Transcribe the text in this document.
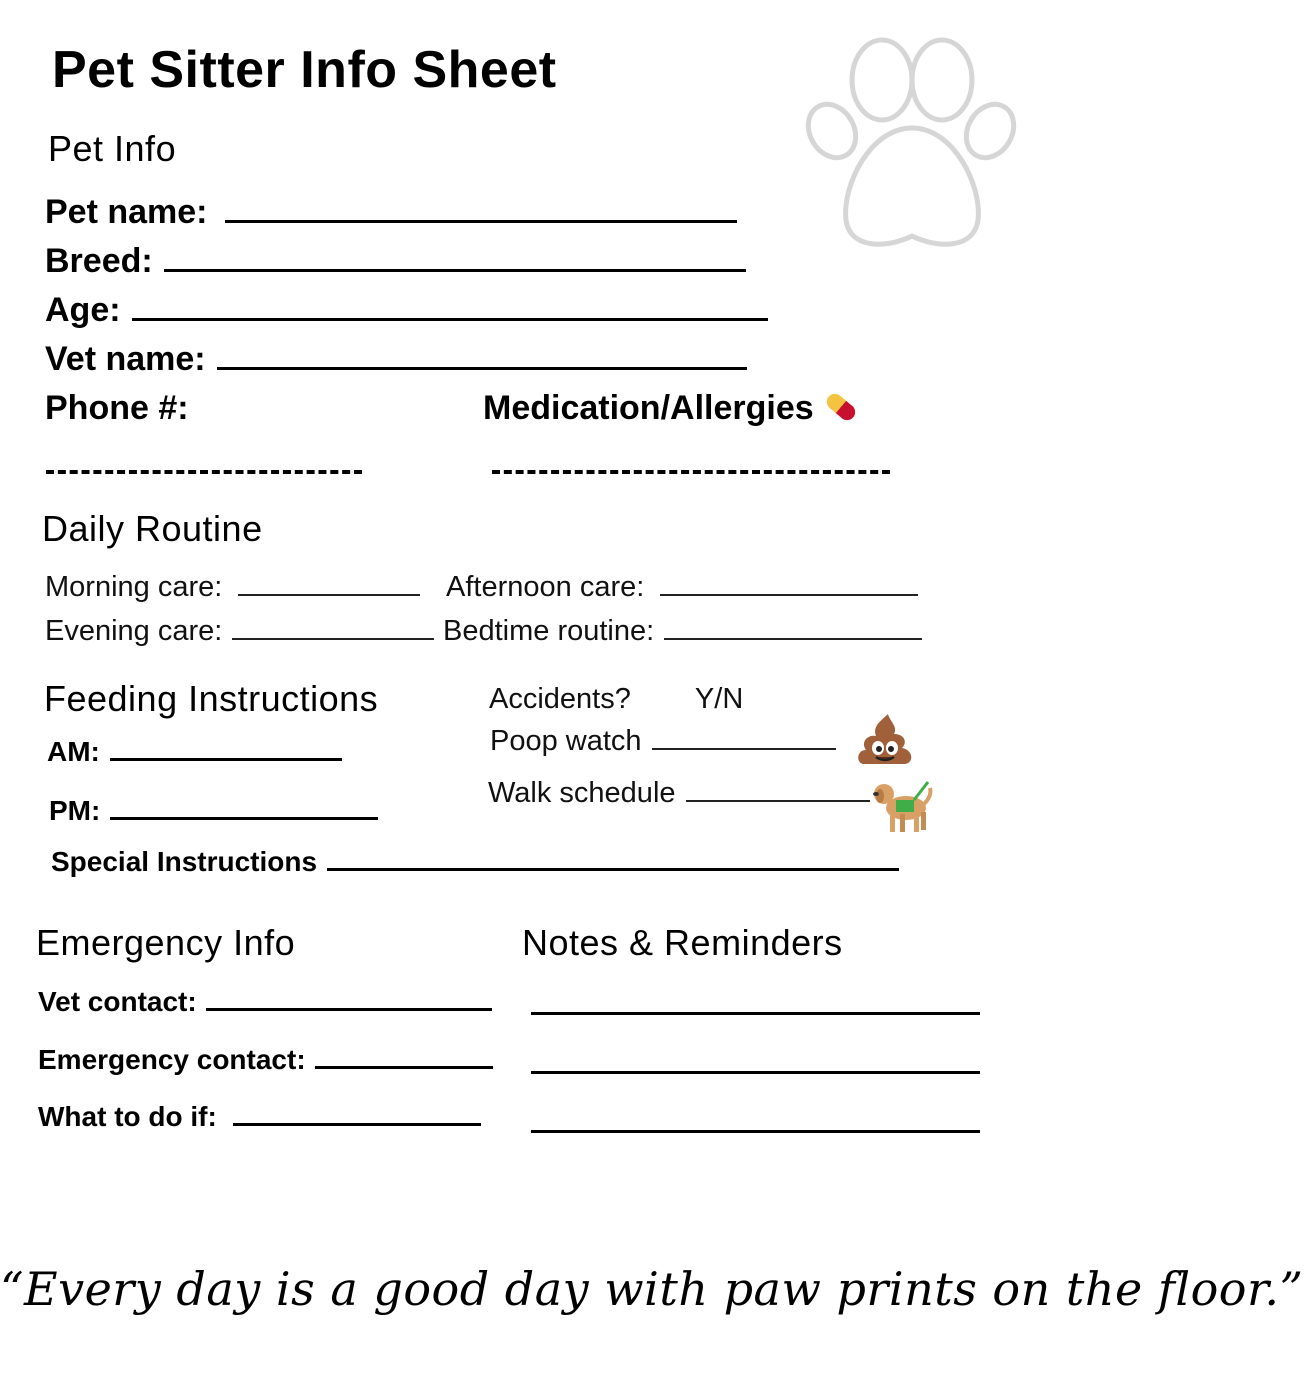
Pet Sitter Info Sheet
Pet Info
Pet name:
Breed:
Age:
Vet name:
Phone #:	Medication/Allergies
Daily Routine
Morning care:	Afternoon care:
Evening care:	Bedtime routine:
Feeding Instructions
AM:
PM:
Special Instructions
Accidents? Y/N
Poop watch
Walk schedule
Emergency Info
Vet contact:
Emergency contact:
What to do if:
Notes & Reminders
“Every day is a good day with paw prints on the floor.”
